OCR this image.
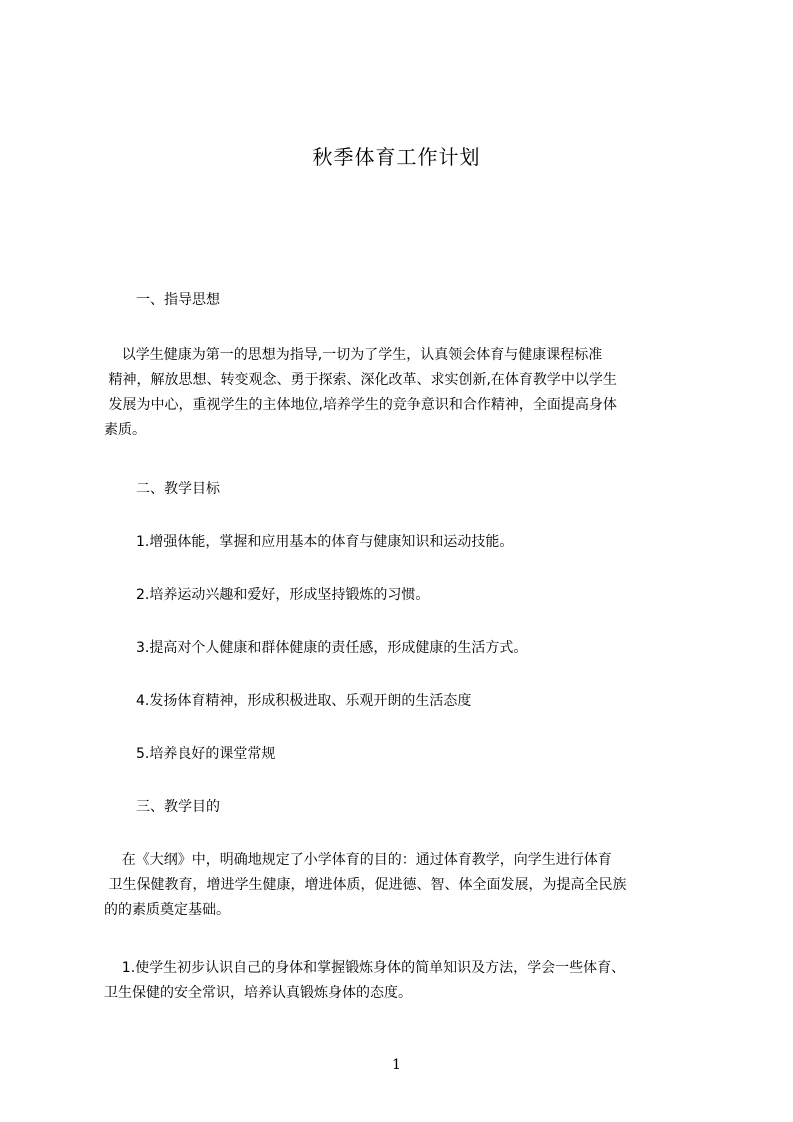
秋季体育工作计划
一、指导思想
以学生健康为第一的思想为指导,一切为了学生，认真领会体育与健康课程标准
精神，解放思想、转变观念、勇于探索、深化改革、求实创新,在体育教学中以学生
发展为中心，重视学生的主体地位,培养学生的竞争意识和合作精神，全面提高身体
素质。
二、教学目标
1.增强体能，掌握和应用基本的体育与健康知识和运动技能。
2.培养运动兴趣和爱好，形成坚持锻炼的习惯。
3.提高对个人健康和群体健康的责任感，形成健康的生活方式。
4.发扬体育精神，形成积极进取、乐观开朗的生活态度
5.培养良好的课堂常规
三、教学目的
在《大纲》中，明确地规定了小学体育的目的：通过体育教学，向学生进行体育
卫生保健教育，增进学生健康，增进体质，促进德、智、体全面发展，为提高全民族
的的素质奠定基础。
1.使学生初步认识自己的身体和掌握锻炼身体的简单知识及方法，学会一些体育、
卫生保健的安全常识，培养认真锻炼身体的态度。
1
